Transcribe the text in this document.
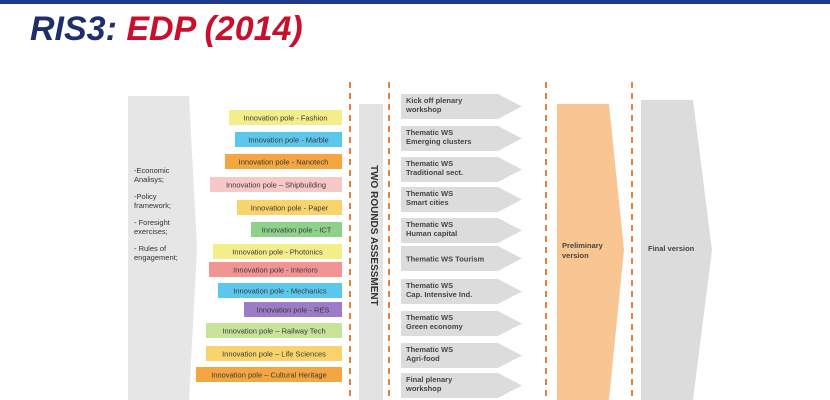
RIS3: EDP (2014)
-Economic
Analisys;
-Policy
framework;
- Foresight
exercises;
- Rules of
engagement;
Innovation pole - Fashion
Innovation pole - Marble
Innovation pole - Nanotech
Innovation pole – Shipbuilding
Innovation pole - Paper
Innovation pole - ICT
Innovation pole - Photonics
Innovation pole - Interiors
Innovation pole - Mechanics
Innovation pole - RES
Innovation pole – Railway Tech
Innovation pole – Life Sciences
Innovation pole – Cultural Heritage
TWO ROUNDS ASSESSMENT
Kick off plenary
workshop
Thematic WS
Emerging clusters
Thematic WS
Traditional sect.
Thematic WS
Smart cities
Thematic WS
Human capital
Thematic WS Tourism
Thematic WS
Cap. Intensive Ind.
Thematic WS
Green economy
Thematic WS
Agri-food
Final plenary
workshop
Preliminary
version
Final version
